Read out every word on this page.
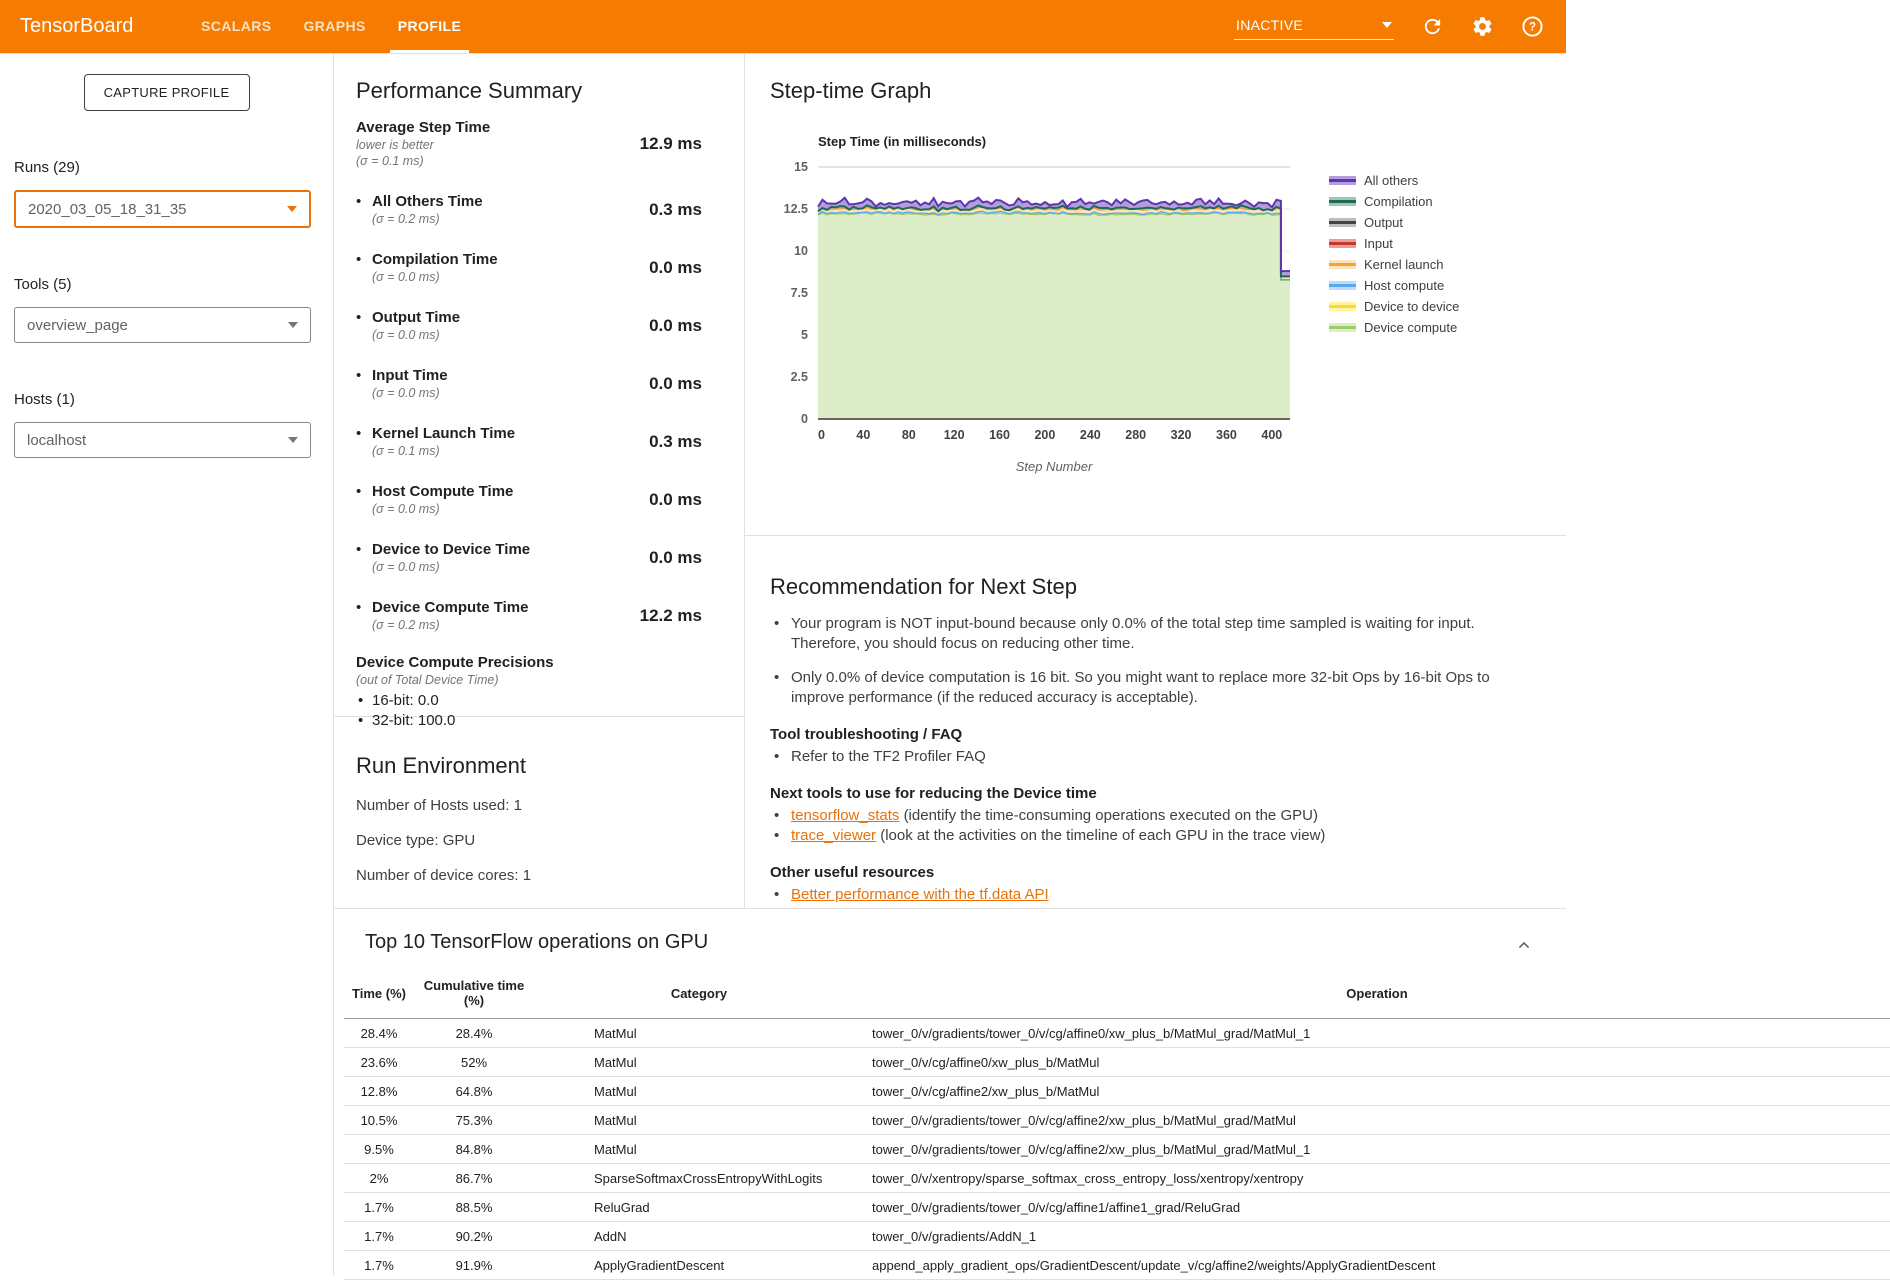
TensorBoard	SCALARS	GRAPHS	PROFILE	INACTIVE	?
CAPTURE PROFILE
Runs (29)
2020_03_05_18_31_35
Tools (5)
overview_page
Hosts (1)
localhost
Performance Summary
Average Step Time
lower is better
(σ = 0.1 ms)
12.9 ms
• All Others Time
(σ = 0.2 ms)
0.3 ms
• Compilation Time
(σ = 0.0 ms)
0.0 ms
• Output Time
(σ = 0.0 ms)
0.0 ms
• Input Time
(σ = 0.0 ms)
0.0 ms
• Kernel Launch Time
(σ = 0.1 ms)
0.3 ms
• Host Compute Time
(σ = 0.0 ms)
0.0 ms
• Device to Device Time
(σ = 0.0 ms)
0.0 ms
• Device Compute Time
(σ = 0.2 ms)
12.2 ms
Device Compute Precisions
(out of Total Device Time)
• 16-bit: 0.0
• 32-bit: 100.0
Run Environment
Number of Hosts used: 1
Device type: GPU
Number of device cores: 1
Step-time Graph
Step Time (in milliseconds)
0
2.5
5
7.5
10
12.5
15
0	40	80 120 160 200 240 280 320 360 400
Step Number
All others
Compilation
Output
Input
Kernel launch
Host compute
Device to device
Device compute
Recommendation for Next Step
• Your program is NOT input-bound because only 0.0% of the total step time sampled is waiting for input. Therefore, you should focus on reducing other time.
• Only 0.0% of device computation is 16 bit. So you might want to replace more 32-bit Ops by 16-bit Ops to improve performance (if the reduced accuracy is acceptable).
Tool troubleshooting / FAQ
• Refer to the TF2 Profiler FAQ
Next tools to use for reducing the Device time
• tensorflow_stats (identify the time-consuming operations executed on the GPU)
• trace_viewer (look at the activities on the timeline of each GPU in the trace view)
Other useful resources
• Better performance with the tf.data API
Top 10 TensorFlow operations on GPU
Time (%)	Cumulative time (%)	Category	Operation
28.4%	28.4%	MatMul	tower_0/v/gradients/tower_0/v/cg/affine0/xw_plus_b/MatMul_grad/MatMul_1
23.6%	52%	MatMul	tower_0/v/cg/affine0/xw_plus_b/MatMul
12.8%	64.8%	MatMul	tower_0/v/cg/affine2/xw_plus_b/MatMul
10.5%	75.3%	MatMul	tower_0/v/gradients/tower_0/v/cg/affine2/xw_plus_b/MatMul_grad/MatMul
9.5%	84.8%	MatMul	tower_0/v/gradients/tower_0/v/cg/affine2/xw_plus_b/MatMul_grad/MatMul_1
2%	86.7%	SparseSoftmaxCrossEntropyWithLogits	tower_0/v/xentropy/sparse_softmax_cross_entropy_loss/xentropy/xentropy
1.7%	88.5%	ReluGrad	tower_0/v/gradients/tower_0/v/cg/affine1/affine1_grad/ReluGrad
1.7%	90.2%	AddN	tower_0/v/gradients/AddN_1
1.7%	91.9%	ApplyGradientDescent	append_apply_gradient_ops/GradientDescent/update_v/cg/affine2/weights/ApplyGradientDescent
